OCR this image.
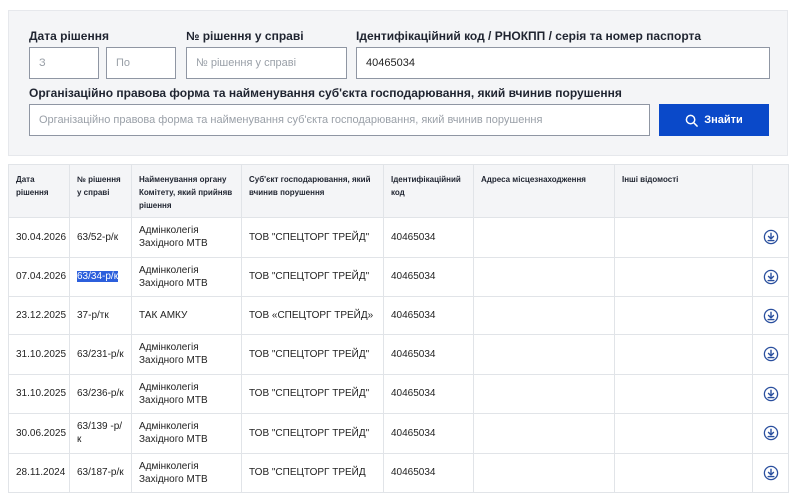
Дата рішення
З
По	№ рішення у справі
№ рішення у справі	Ідентифікаційний код / РНОКПП / серія та номер паспорта
40465034
Організаційно правова форма та найменування суб'єкта господарювання, який вчинив порушення
Організаційно правова форма та найменування суб'єкта господарювання, який вчинив порушення
Знайти
Дата рішення	№ рішення у справі	Найменування органу Комітету, який прийняв рішення	Суб'єкт господарювання, який вчинив порушення	Ідентифікаційний код	Адреса місцезнаходження	Інші відомості	
30.04.2026	63/52-р/к	Адмінколегія Західного МТВ	ТОВ "СПЕЦТОРГ ТРЕЙД"	40465034			
07.04.2026	63/34-р/к	Адмінколегія Західного МТВ	ТОВ "СПЕЦТОРГ ТРЕЙД"	40465034			
23.12.2025	37-р/тк	ТАК АМКУ	ТОВ «СПЕЦТОРГ ТРЕЙД»	40465034			
31.10.2025	63/231-р/к	Адмінколегія Західного МТВ	ТОВ "СПЕЦТОРГ ТРЕЙД"	40465034			
31.10.2025	63/236-р/к	Адмінколегія Західного МТВ	ТОВ "СПЕЦТОРГ ТРЕЙД"	40465034			
30.06.2025	63/139 -р/к	Адмінколегія Західного МТВ	ТОВ "СПЕЦТОРГ ТРЕЙД"	40465034			
28.11.2024	63/187-р/к	Адмінколегія Західного МТВ	ТОВ "СПЕЦТОРГ ТРЕЙД	40465034			
